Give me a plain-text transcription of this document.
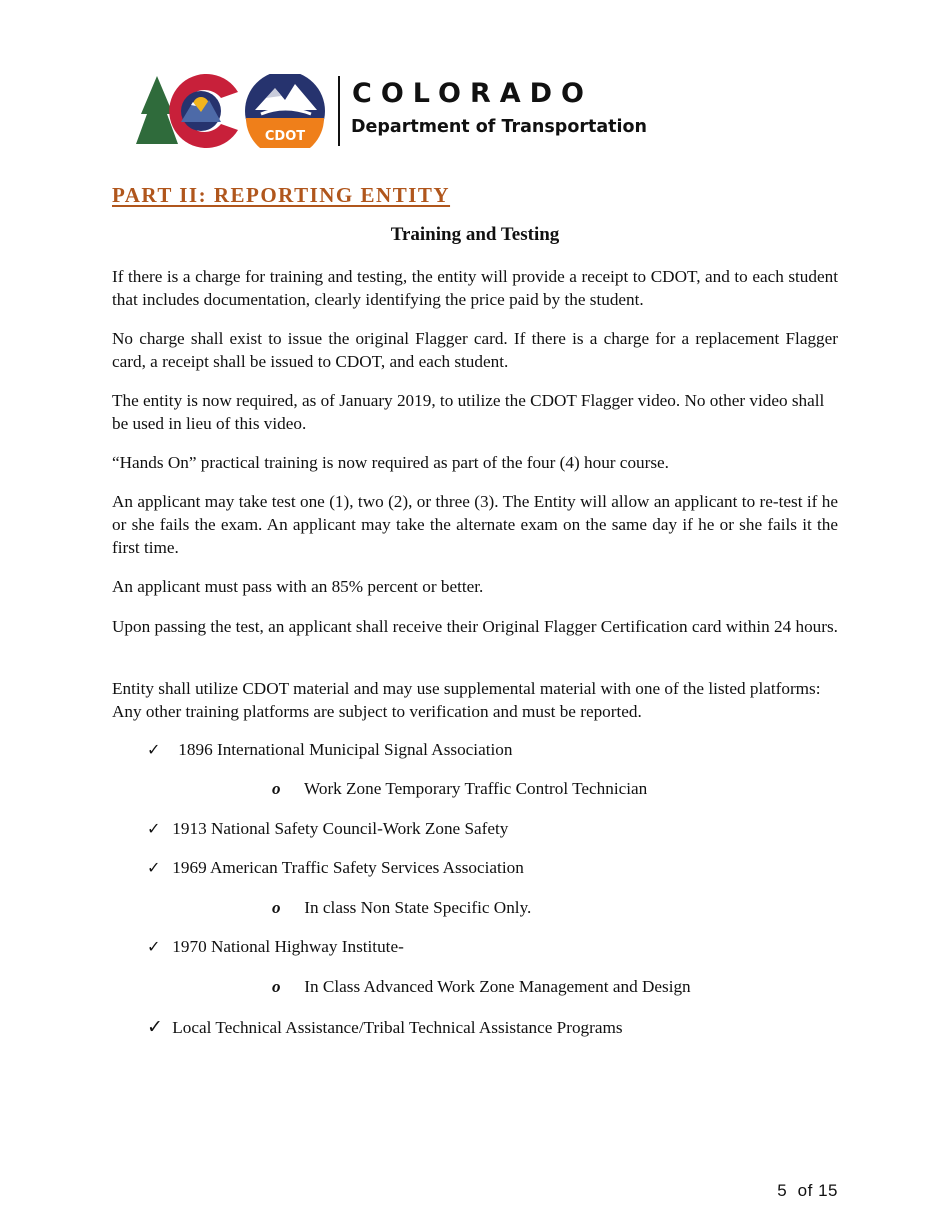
CDOT
COLORADO
Department of Transportation
PART II: REPORTING ENTITY
Training and Testing

If there is a charge for training and testing, the entity will provide a receipt to CDOT, and to each student that includes documentation, clearly identifying the price paid by the student.

No charge shall exist to issue the original Flagger card. If there is a charge for a replacement Flagger card, a receipt shall be issued to CDOT, and each student.

The entity is now required, as of January 2019, to utilize the CDOT Flagger video. No other video shall be used in lieu of this video.

“Hands On” practical training is now required as part of the four (4) hour course.

An applicant may take test one (1), two (2), or three (3). The Entity will allow an applicant to re-test if he or she fails the exam. An applicant may take the alternate exam on the same day if he or she fails it the first time.

An applicant must pass with an 85% percent or better.

Upon passing the test, an applicant shall receive their Original Flagger Certification card within 24 hours.

Entity shall utilize CDOT material and may use supplemental material with one of the listed platforms: Any other training platforms are subject to verification and must be reported.

✓ 1896 International Municipal Signal Association
o Work Zone Temporary Traffic Control Technician
✓ 1913 National Safety Council-Work Zone Safety
✓ 1969 American Traffic Safety Services Association
o In class Non State Specific Only.
✓ 1970 National Highway Institute-
o In Class Advanced Work Zone Management and Design
✓ Local Technical Assistance/Tribal Technical Assistance Programs
5  of 15
